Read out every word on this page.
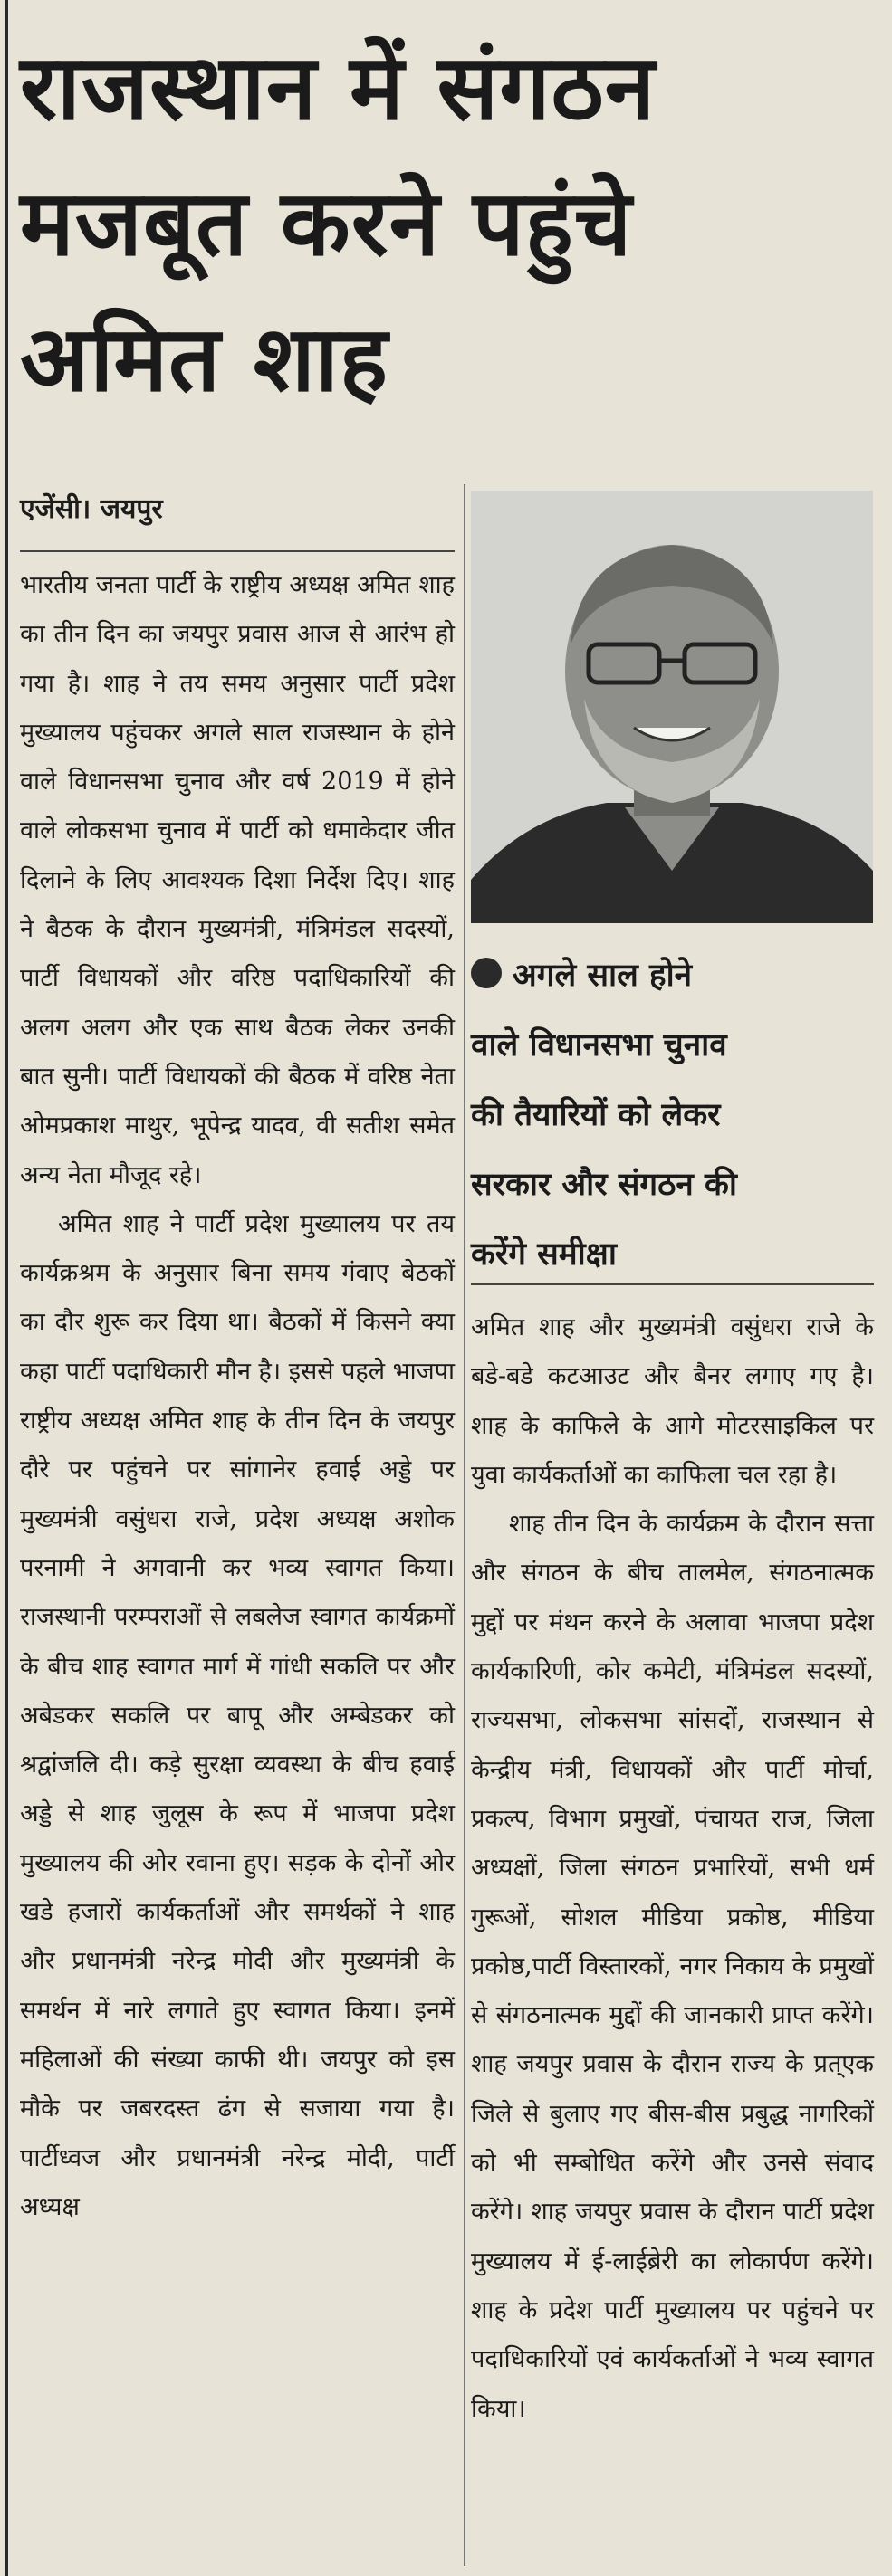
राजस्थान में संगठन
मजबूत करने पहुंचे
अमित शाह
एजेंसी। जयपुर

भारतीय जनता पार्टी के राष्ट्रीय अध्यक्ष अमित शाह का तीन दिन का जयपुर प्रवास आज से आरंभ हो गया है। शाह ने तय समय अनुसार पार्टी प्रदेश मुख्यालय पहुंचकर अगले साल राजस्थान के होने वाले विधानसभा चुनाव और वर्ष 2019 में होने वाले लोकसभा चुनाव में पार्टी को धमाकेदार जीत दिलाने के लिए आवश्यक दिशा निर्देश दिए। शाह ने बैठक के दौरान मुख्यमंत्री, मंत्रिमंडल सदस्यों, पार्टी विधायकों और वरिष्ठ पदाधिकारियों की अलग अलग और एक साथ बैठक लेकर उनकी बात सुनी। पार्टी विधायकों की बैठक में वरिष्ठ नेता ओमप्रकाश माथुर, भूपेन्द्र यादव, वी सतीश समेत अन्य नेता मौजूद रहे।

अमित शाह ने पार्टी प्रदेश मुख्यालय पर तय कार्यक्रश्रम के अनुसार बिना समय गंवाए बेठकों का दौर शुरू कर दिया था। बैठकों में किसने क्या कहा पार्टी पदाधिकारी मौन है। इससे पहले भाजपा राष्ट्रीय अध्यक्ष अमित शाह के तीन दिन के जयपुर दौरे पर पहुंचने पर सांगानेर हवाई अड्डे पर मुख्यमंत्री वसुंधरा राजे, प्रदेश अध्यक्ष अशोक परनामी ने अगवानी कर भव्य स्वागत किया। राजस्थानी परम्पराओं से लबलेज स्वागत कार्यक्रमों के बीच शाह स्वागत मार्ग में गांधी सकलि पर और अबेडकर सकलि पर बापू और अम्बेडकर को श्रद्वांजलि दी। कड़े सुरक्षा व्यवस्था के बीच हवाई अड्डे से शाह जुलूस के रूप में भाजपा प्रदेश मुख्यालय की ओर रवाना हुए। सड़क के दोनों ओर खडे हजारों कार्यकर्ताओं और समर्थकों ने शाह और प्रधानमंत्री नरेन्द्र मोदी और मुख्यमंत्री के समर्थन में नारे लगाते हुए स्वागत किया। इनमें महिलाओं की संख्या काफी थी। जयपुर को इस मौके पर जबरदस्त ढंग से सजाया गया है। पार्टीध्वज और प्रधानमंत्री नरेन्द्र मोदी, पार्टी अध्यक्ष

अगले साल होने
वाले विधानसभा चुनाव
की तैयारियों को लेकर
सरकार और संगठन की
करेंगे समीक्षा

अमित शाह और मुख्यमंत्री वसुंधरा राजे के बडे-बडे कटआउट और बैनर लगाए गए है। शाह के काफिले के आगे मोटरसाइकिल पर युवा कार्यकर्ताओं का काफिला चल रहा है।

शाह तीन दिन के कार्यक्रम के दौरान सत्ता और संगठन के बीच तालमेल, संगठनात्मक मुद्दों पर मंथन करने के अलावा भाजपा प्रदेश कार्यकारिणी, कोर कमेटी, मंत्रिमंडल सदस्यों, राज्यसभा, लोकसभा सांसदों, राजस्थान से केन्द्रीय मंत्री, विधायकों और पार्टी मोर्चा, प्रकल्प, विभाग प्रमुखों, पंचायत राज, जिला अध्यक्षों, जिला संगठन प्रभारियों, सभी धर्म गुरूओं, सोशल मीडिया प्रकोष्ठ, मीडिया प्रकोष्ठ,पार्टी विस्तारकों, नगर निकाय के प्रमुखों से संगठनात्मक मुद्दों की जानकारी प्राप्त करेंगे। शाह जयपुर प्रवास के दौरान राज्य के प्रत्एक जिले से बुलाए गए बीस-बीस प्रबुद्ध नागरिकों को भी सम्बोधित करेंगे और उनसे संवाद करेंगे। शाह जयपुर प्रवास के दौरान पार्टी प्रदेश मुख्यालय में ई-लाईब्रेरी का लोकार्पण करेंगे। शाह के प्रदेश पार्टी मुख्यालय पर पहुंचने पर पदाधिकारियों एवं कार्यकर्ताओं ने भव्य स्वागत किया।
